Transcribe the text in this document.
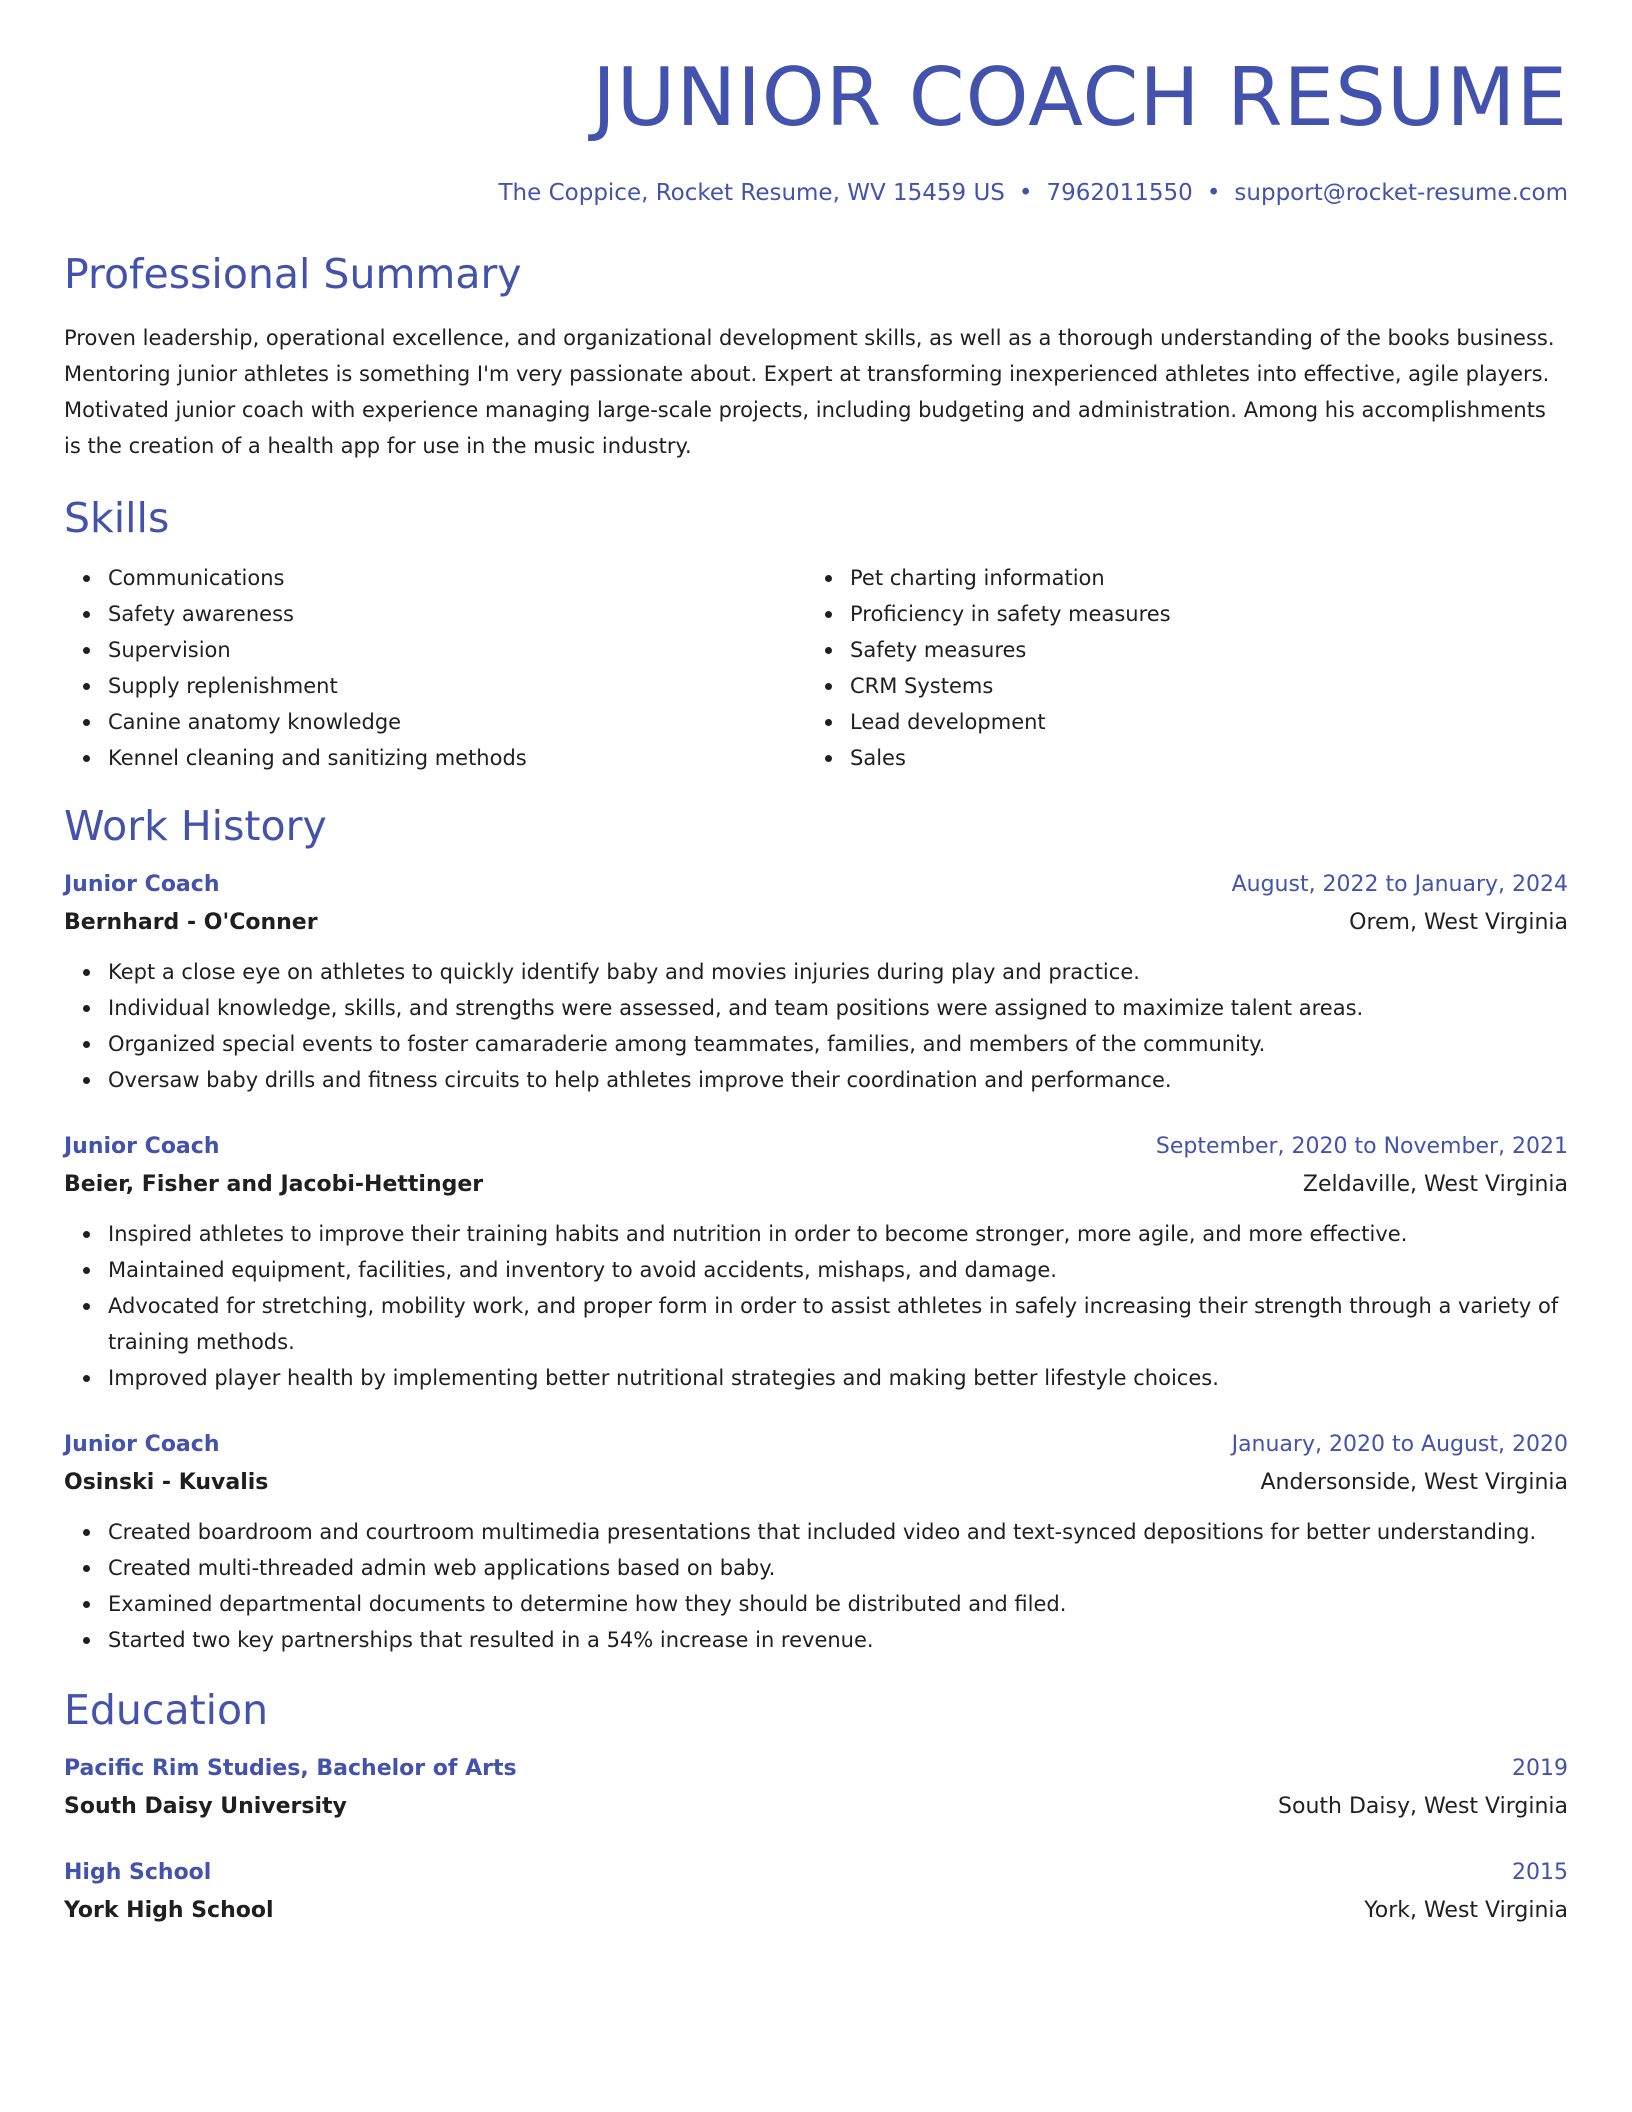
JUNIOR COACH RESUME
The Coppice, Rocket Resume, WV 15459 US • 7962011550 • support@rocket-resume.com
Professional Summary

Proven leadership, operational excellence, and organizational development skills, as well as a thorough understanding of the books business. Mentoring junior athletes is something I'm very passionate about. Expert at transforming inexperienced athletes into effective, agile players. Motivated junior coach with experience managing large-scale projects, including budgeting and administration. Among his accomplishments is the creation of a health app for use in the music industry.

Skills
Communications
Safety awareness
Supervision
Supply replenishment
Canine anatomy knowledge
Kennel cleaning and sanitizing methods
Pet charting information
Proficiency in safety measures
Safety measures
CRM Systems
Lead development
Sales
Work History
Junior Coach	August, 2022 to January, 2024
Bernhard - O'Conner	Orem, West Virginia
Kept a close eye on athletes to quickly identify baby and movies injuries during play and practice.
Individual knowledge, skills, and strengths were assessed, and team positions were assigned to maximize talent areas.
Organized special events to foster camaraderie among teammates, families, and members of the community.
Oversaw baby drills and fitness circuits to help athletes improve their coordination and performance.
Junior Coach	September, 2020 to November, 2021
Beier, Fisher and Jacobi-Hettinger	Zeldaville, West Virginia
Inspired athletes to improve their training habits and nutrition in order to become stronger, more agile, and more effective.
Maintained equipment, facilities, and inventory to avoid accidents, mishaps, and damage.
Advocated for stretching, mobility work, and proper form in order to assist athletes in safely increasing their strength through a variety of training methods.
Improved player health by implementing better nutritional strategies and making better lifestyle choices.
Junior Coach	January, 2020 to August, 2020
Osinski - Kuvalis	Andersonside, West Virginia
Created boardroom and courtroom multimedia presentations that included video and text-synced depositions for better understanding.
Created multi-threaded admin web applications based on baby.
Examined departmental documents to determine how they should be distributed and filed.
Started two key partnerships that resulted in a 54% increase in revenue.
Education
Pacific Rim Studies, Bachelor of Arts	2019
South Daisy University	South Daisy, West Virginia
High School	2015
York High School	York, West Virginia
